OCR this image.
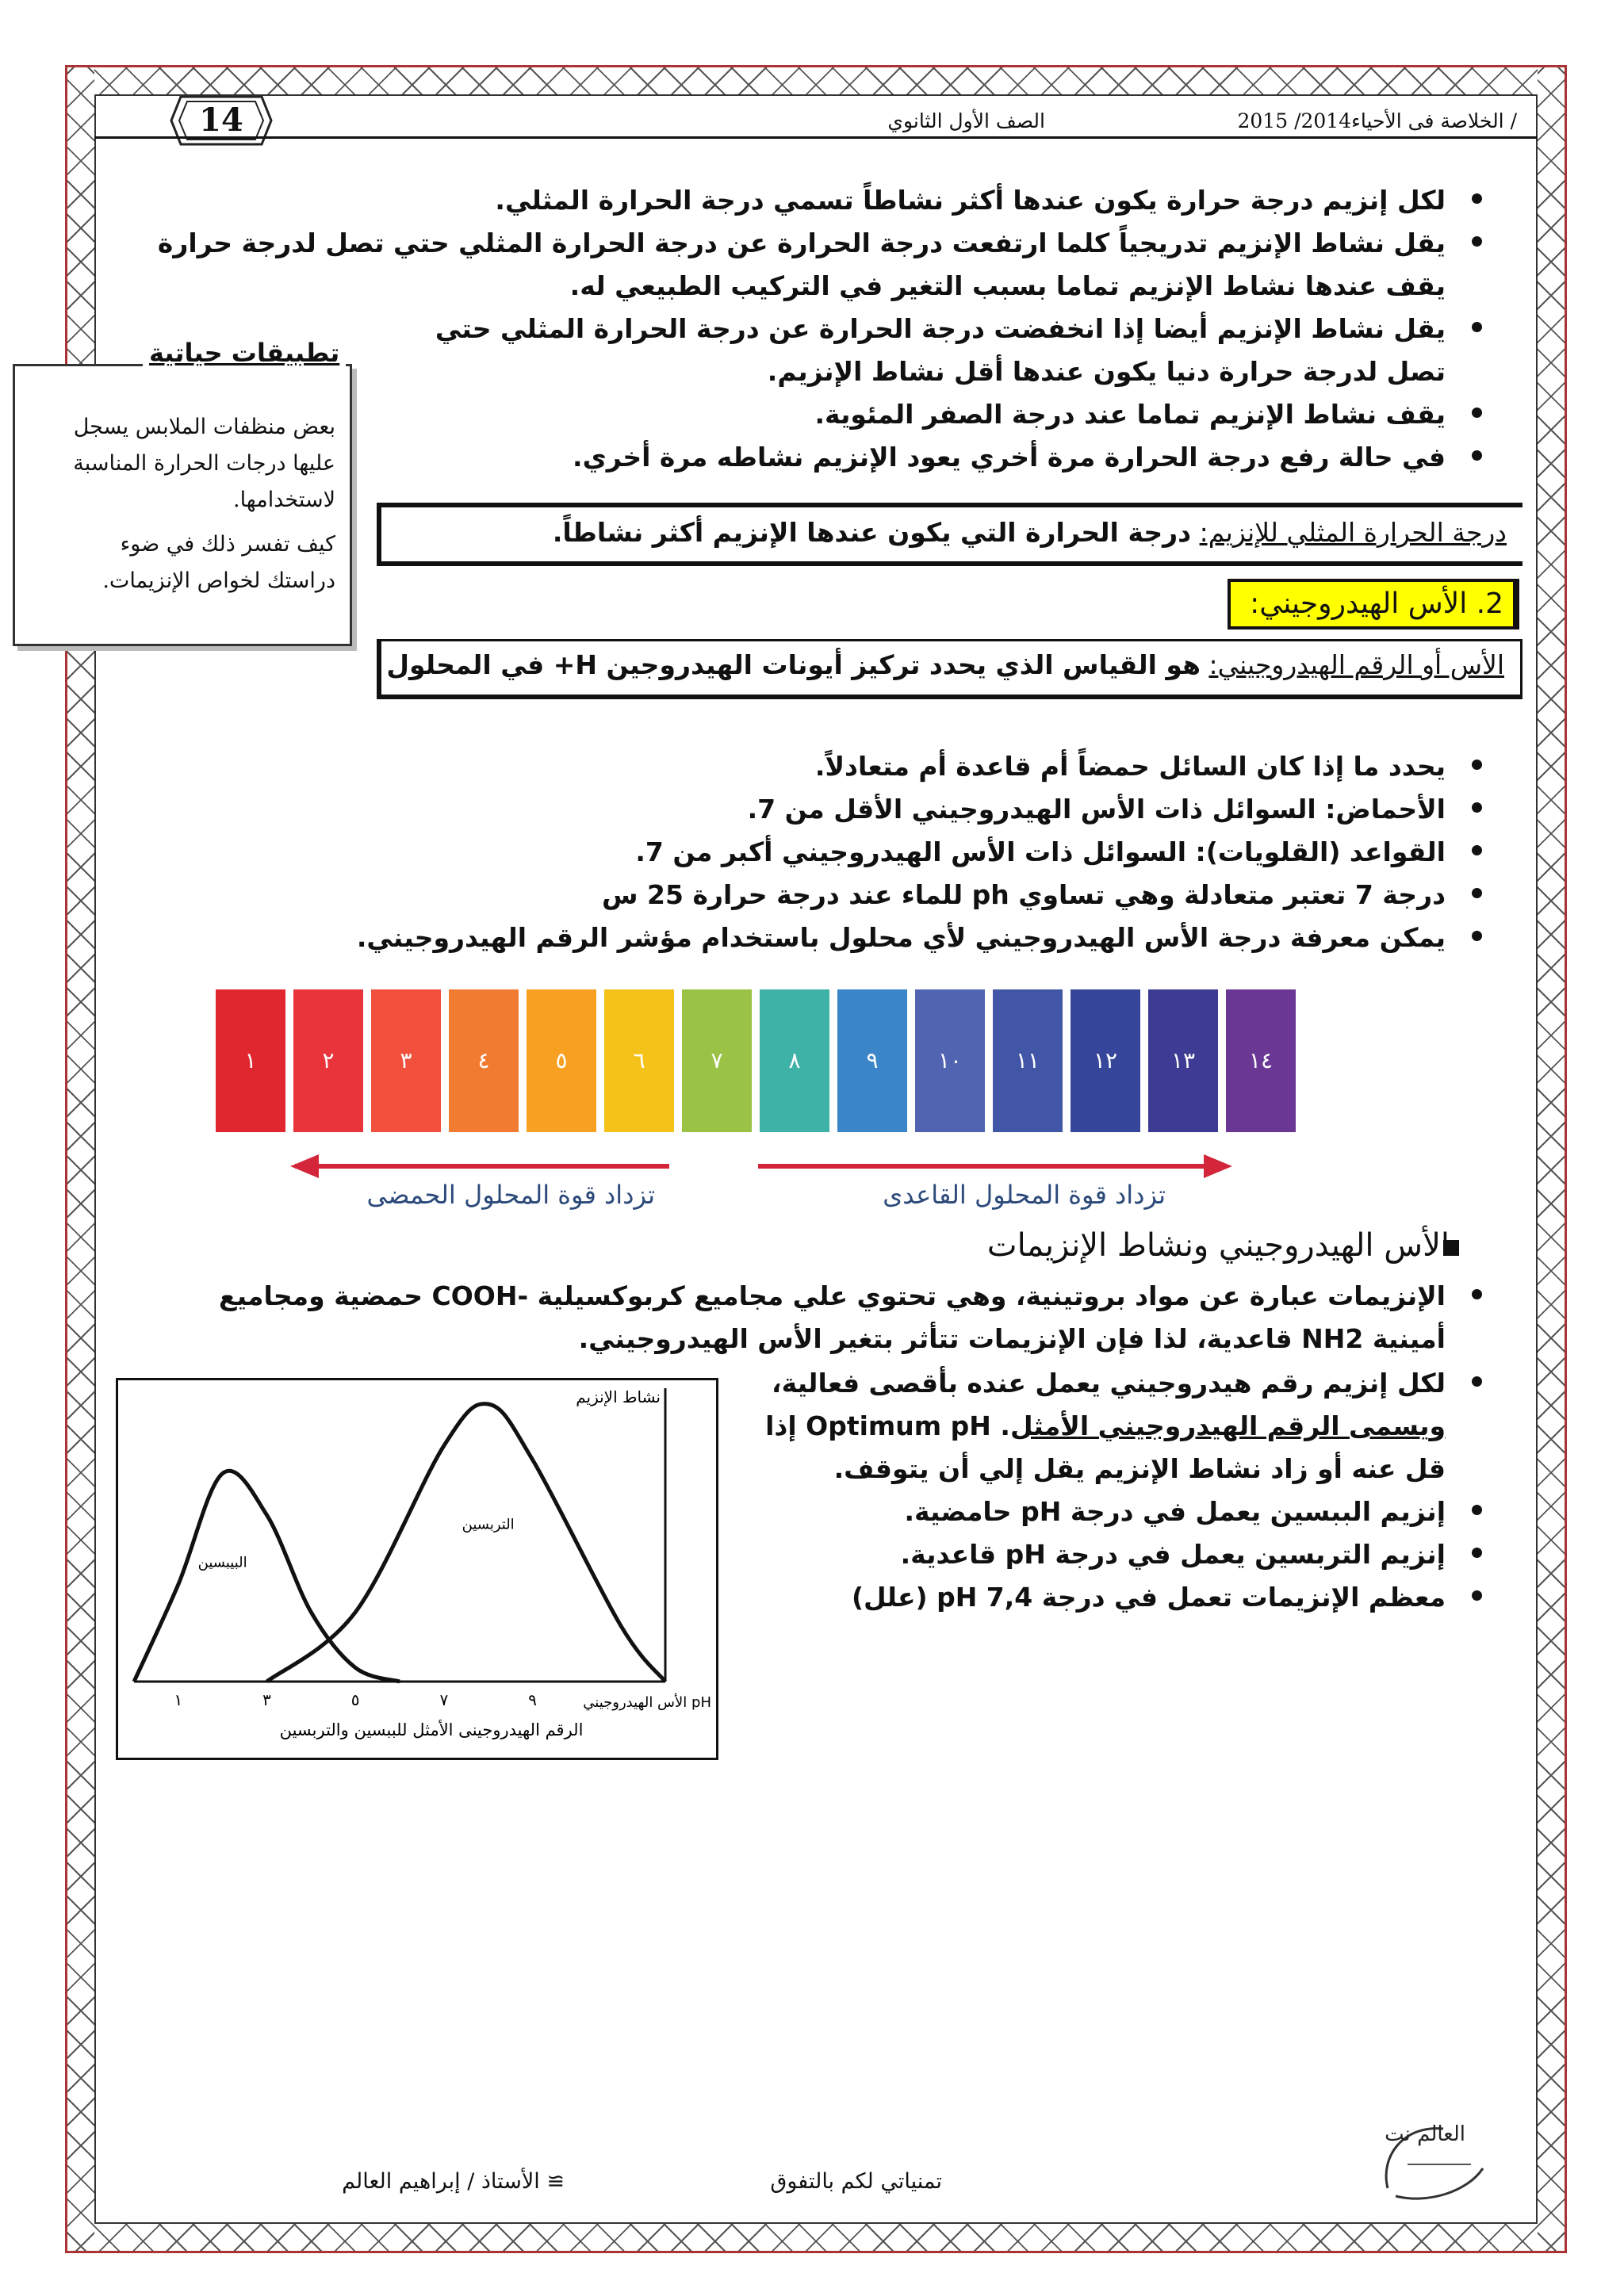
14	/ الخلاصة فى الأحياء2014/ 2015
الصف الأول الثانوي
لكل إنزيم درجة حرارة يكون عندها أكثر نشاطاً تسمي درجة الحرارة المثلي.
يقل نشاط الإنزيم تدريجياً كلما ارتفعت درجة الحرارة عن درجة الحرارة المثلي حتي تصل لدرجة حرارة يقف عندها نشاط الإنزيم تماما بسبب التغير في التركيب الطبيعي له.
يقل نشاط الإنزيم أيضا إذا انخفضت درجة الحرارة عن درجة الحرارة المثلي حتي تصل لدرجة حرارة دنيا يكون عندها أقل نشاط الإنزيم.
يقف نشاط الإنزيم تماما عند درجة الصفر المئوية.
في حالة رفع درجة الحرارة مرة أخري يعود الإنزيم نشاطه مرة أخري.
بعض منظفات الملابس يسجل
عليها درجات الحرارة المناسبة
لاستخدامها.
كيف تفسر ذلك في ضوء
دراستك لخواص الإنزيمات.
تطبيقات حياتية
درجة الحرارة المثلي للإنزيم: درجة الحرارة التي يكون عندها الإنزيم أكثر نشاطاً.
2. الأس الهيدروجيني:
الأس أو الرقم الهيدروجيني: هو القياس الذي يحدد تركيز أيونات الهيدروجين H+ في المحلول
يحدد ما إذا كان السائل حمضاً أم قاعدة أم متعادلاً.
الأحماض: السوائل ذات الأس الهيدروجيني الأقل من 7.
القواعد (القلويات): السوائل ذات الأس الهيدروجيني أكبر من 7.
درجة 7 تعتبر متعادلة وهي تساوي ph للماء عند درجة حرارة 25 س
يمكن معرفة درجة الأس الهيدروجيني لأي محلول باستخدام مؤشر الرقم الهيدروجيني.
١	٢	٣	٤	٥	٦	٧	٨	٩	١٠	١١	١٢	١٣	١٤
تزداد قوة المحلول الحمضى	تزداد قوة المحلول القاعدى
الأس الهيدروجيني ونشاط الإنزيمات
الإنزيمات عبارة عن مواد بروتينية، وهي تحتوي علي مجاميع كربوكسيلية -COOH حمضية ومجاميع أمينية NH2 قاعدية، لذا فإن الإنزيمات تتأثر بتغير الأس الهيدروجيني.
لكل إنزيم رقم هيدروجيني يعمل عنده بأقصى فعالية،
ويسمى الرقم الهيدروجيني الأمثل. Optimum pH إذا
قل عنه أو زاد نشاط الإنزيم يقل إلي أن يتوقف.
إنزيم الببسين يعمل في درجة pH حامضية.
إنزيم التربسين يعمل في درجة pH قاعدية.
معظم الإنزيمات تعمل في درجة pH 7,4 (علل)
البيبسين
التربسين
١	٣	٥	٧	٩
نشاط الإنزيم
الأس الهيدروجيني pH
الرقم الهيدروجينى الأمثل للببسين والتربسين
≅ الأستاذ / إبراهيم العالم	تمنياتي لكم بالتفوق
العالم نت
